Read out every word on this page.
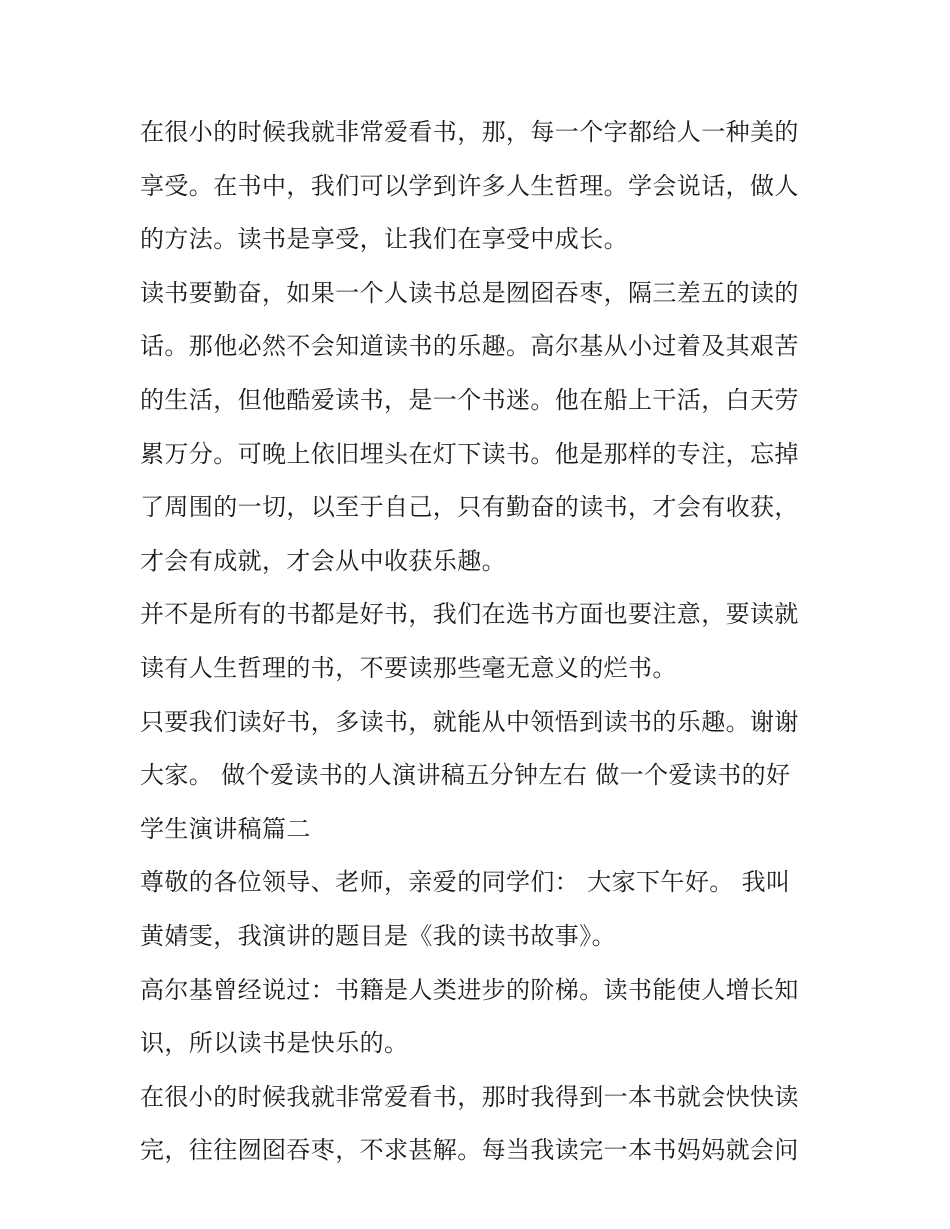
在很小的时候我就非常爱看书，那，每一个字都给人一种美的
享受。在书中，我们可以学到许多人生哲理。学会说话，做人
的方法。读书是享受，让我们在享受中成长。

读书要勤奋，如果一个人读书总是囫囵吞枣，隔三差五的读的
话。那他必然不会知道读书的乐趣。高尔基从小过着及其艰苦
的生活，但他酷爱读书，是一个书迷。他在船上干活，白天劳
累万分。可晚上依旧埋头在灯下读书。他是那样的专注，忘掉
了周围的一切，以至于自己，只有勤奋的读书，才会有收获，
才会有成就，才会从中收获乐趣。

并不是所有的书都是好书，我们在选书方面也要注意，要读就
读有人生哲理的书，不要读那些毫无意义的烂书。

只要我们读好书，多读书，就能从中领悟到读书的乐趣。谢谢
大家。 做个爱读书的人演讲稿五分钟左右 做一个爱读书的好
学生演讲稿篇二

尊敬的各位领导、老师，亲爱的同学们： 大家下午好。 我叫
黄婧雯，我演讲的题目是《我的读书故事》。

高尔基曾经说过：书籍是人类进步的阶梯。读书能使人增长知
识，所以读书是快乐的。

在很小的时候我就非常爱看书，那时我得到一本书就会快快读
完，往往囫囵吞枣，不求甚解。每当我读完一本书妈妈就会问
